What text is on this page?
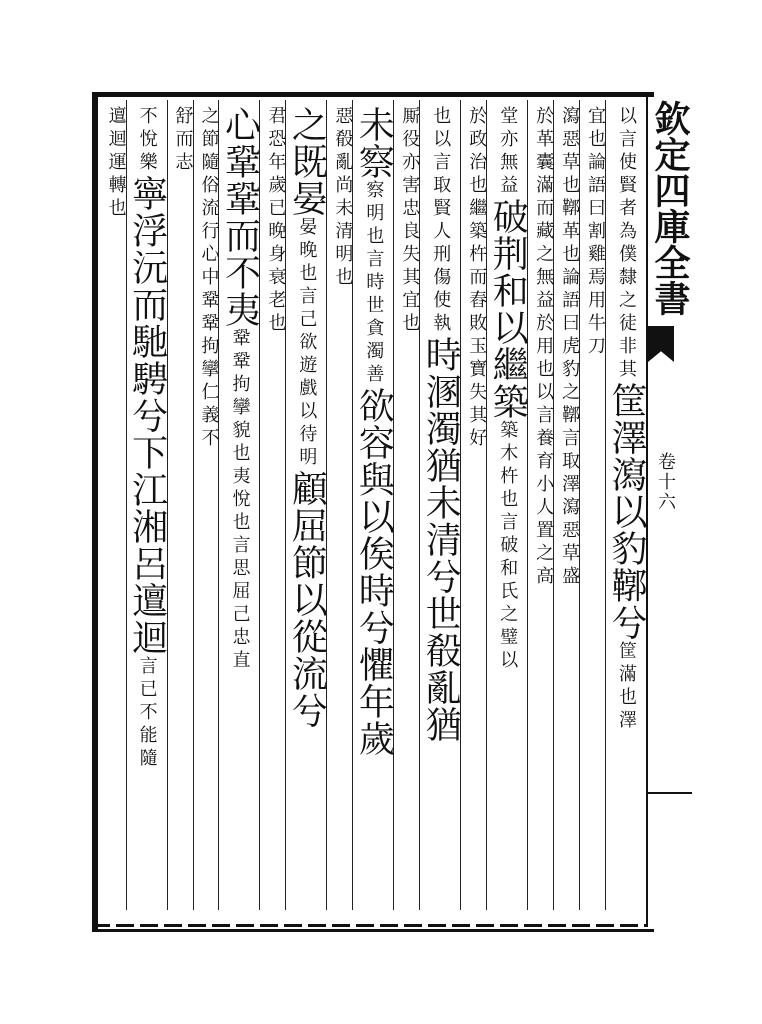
欽定四庫全書
卷十六
以言使賢者為僕隸之徒非其筐澤瀉以豹鞹兮筐滿也澤
宜也論語曰割雞焉用牛刀
瀉惡草也鞹革也論語曰虎豹之鞹言取澤瀉惡草盛
於革囊滿而藏之無益於用也以言養育小人置之高
堂亦無益破荆和以繼築築木杵也言破和氏之璧以
於政治也繼築杵而舂敗玉寶失其好
也以言取賢人刑傷使執時溷濁猶未清兮世殽亂猶
厮役亦害忠良失其宜也
未察察明也言時世貪濁善欲容與以俟時兮懼年歲
惡殽亂尚未清明也
之既晏晏晚也言己欲遊戲以待明顧屈節以從流兮
君恐年歲已晚身衰老也
心鞏鞏而不夷鞏鞏拘攣貌也夷悅也言思屈己忠直
之節隨俗流行心中鞏鞏拘攣仁義不
舒而志
不悅樂寧浮沅而馳騁兮下江湘呂邅迴言已不能隨
邅迴運轉也
